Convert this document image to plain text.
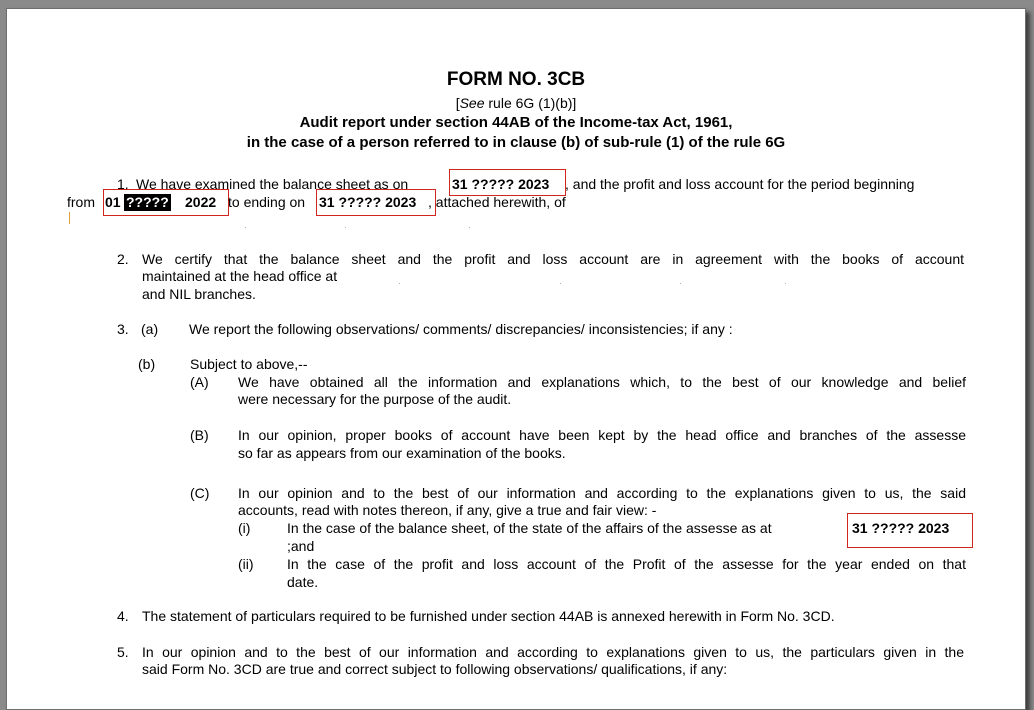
FORM NO. 3CB
[See rule 6G (1)(b)]
Audit report under section 44AB of the Income-tax Act, 1961,
in the case of a person referred to in clause (b) of sub-rule (1) of the rule 6G
1. We have examined the balance sheet as on	31 ????? 2023 , and the profit and loss account for the period beginning
from 01 ????? 2022 to ending on 31 ????? 2023 , attached herewith, of
2. We certify that the balance sheet and the profit and loss account are in agreement with the books of account
maintained at the head office at
and NIL branches.
3. (a) We report the following observations/ comments/ discrepancies/ inconsistencies; if any :
(b) Subject to above,--
(A) We have obtained all the information and explanations which, to the best of our knowledge and belief
were necessary for the purpose of the audit.
(B) In our opinion, proper books of account have been kept by the head office and branches of the assesse
so far as appears from our examination of the books.
(C) In our opinion and to the best of our information and according to the explanations given to us, the said
accounts, read with notes thereon, if any, give a true and fair view: -
(i)	In the case of the balance sheet, of the state of the affairs of the assesse as at	31 ????? 2023
;and
(ii) In the case of the profit and loss account of the Profit of the assesse for the year ended on that
date.
4. The statement of particulars required to be furnished under section 44AB is annexed herewith in Form No. 3CD.
5. In our opinion and to the best of our information and according to explanations given to us, the particulars given in the
said Form No. 3CD are true and correct subject to following observations/ qualifications, if any:
